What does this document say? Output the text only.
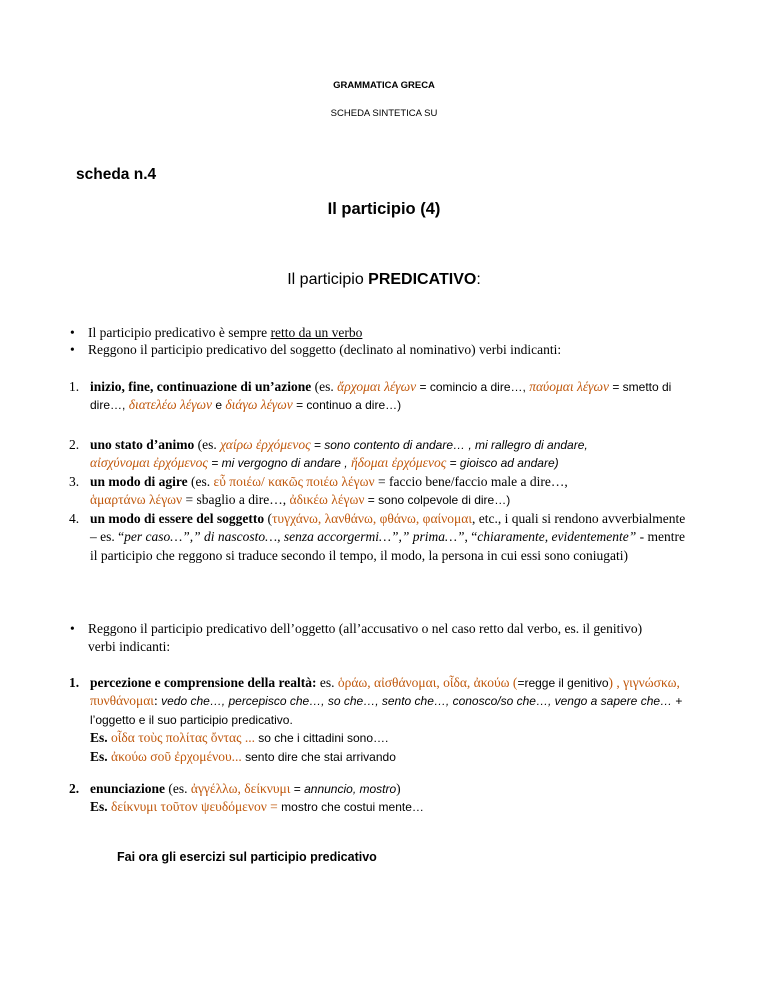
GRAMMATICA GRECA
SCHEDA SINTETICA SU
scheda n.4
Il participio (4)
Il participio PREDICATIVO:
• Il participio predicativo è sempre retto da un verbo
• Reggono il participio predicativo del soggetto (declinato al nominativo) verbi indicanti:
1. inizio, fine, continuazione di un’azione (es. ἄρχομαι λέγων = comincio a dire…, παύομαι λέγων = smetto di dire…, διατελέω λέγων e διάγω λέγων = continuo a dire…)
2. uno stato d’animo (es. χαίρω ἐρχόμενος = sono contento di andare… , mi rallegro di andare,
αἰσχύνομαι ἐρχόμενος = mi vergogno di andare , ἥδομαι ἐρχόμενος = gioisco ad andare)
3. un modo di agire (es. εὖ ποιέω/ κακῶς ποιέω λέγων = faccio bene/faccio male a dire…,
ἁμαρτάνω λέγων = sbaglio a dire…, ἀδικέω λέγων = sono colpevole di dire…)
4. un modo di essere del soggetto (τυγχάνω, λανθάνω, φθάνω, φαίνομαι, etc., i quali si rendono avverbialmente – es. “per caso…”,” di nascosto…, senza accorgermi…”,” prima…”, “chiaramente, evidentemente” - mentre il participio che reggono si traduce secondo il tempo, il modo, la persona in cui essi sono coniugati)
• Reggono il participio predicativo dell’oggetto (all’accusativo o nel caso retto dal verbo, es. il genitivo) verbi indicanti:
1. percezione e comprensione della realtà: es. ὁράω, αἰσθάνομαι, οἶδα, ἀκούω (=regge il genitivo) , γιγνώσκω, πυνθάνομαι: vedo che…, percepisco che…, so che…, sento che…, conosco/so che…, vengo a sapere che… + l’oggetto e il suo participio predicativo.
Es. οἶδα τοὺς πολίτας ὄντας ... so che i cittadini sono….
Es. ἀκούω σοῦ ἐρχομένου... sento dire che stai arrivando
2. enunciazione (es. ἀγγέλλω, δείκνυμι = annuncio, mostro)
Es. δείκνυμι τοῦτον ψευδόμενον = mostro che costui mente…
Fai ora gli esercizi sul participio predicativo
